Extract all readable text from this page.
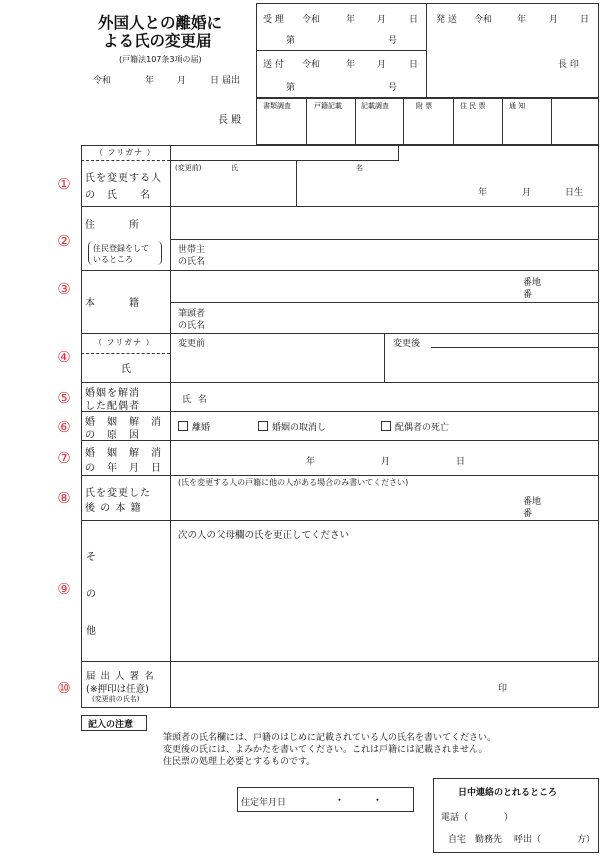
外国人との離婚に
よる氏の変更届
(戸籍法107条3項の届)
令和	年	月	日 届出
長 殿
受 理 令和	年 月	日
第	号
送 付 令和	年 月	日
第	号
発 送 令和	年	月 日
長 印
書類調査	戸籍記載	記載調査	附 票	住 民 票	通 知
①
（ フリガナ ）
氏を変更する人
の　氏　　名
(変更前)	氏	名
年	月	日生
②
住　　　所
住民登録をして
いるところ
世帯主
の氏名
③
本　　　籍
番地
番
筆頭者
の氏名
④
（ フリガナ ）
氏
変更前	変更後
⑤ 婚姻を解消
した配偶者
氏 名
⑥ 婚　姻　解　消
の　原　因
離婚	婚姻の取消し	配偶者の死亡
⑦ 婚　姻　解　消
の　年　月　日
年	月	日
⑧ 氏を変更した
後 の 本 籍
(氏を変更する人の戸籍に他の人がある場合のみ書いてください)
番地
番
⑨
そ
の
他
次の人の父母欄の氏を更正してください
⑩
届 出 人 署 名
(※押印は任意)
(変更前の氏名)
印
記入の注意
筆頭者の氏名欄には、戸籍のはじめに記載されている人の氏名を書いてください。
変更後の氏には、よみかたを書いてください。これは戸籍には記載されません。
住民票の処理上必要とするものです。
住定年月日	・	・
日中連絡のとれるところ
電話（　　　　）
自宅 勤務先 呼出（	方）
